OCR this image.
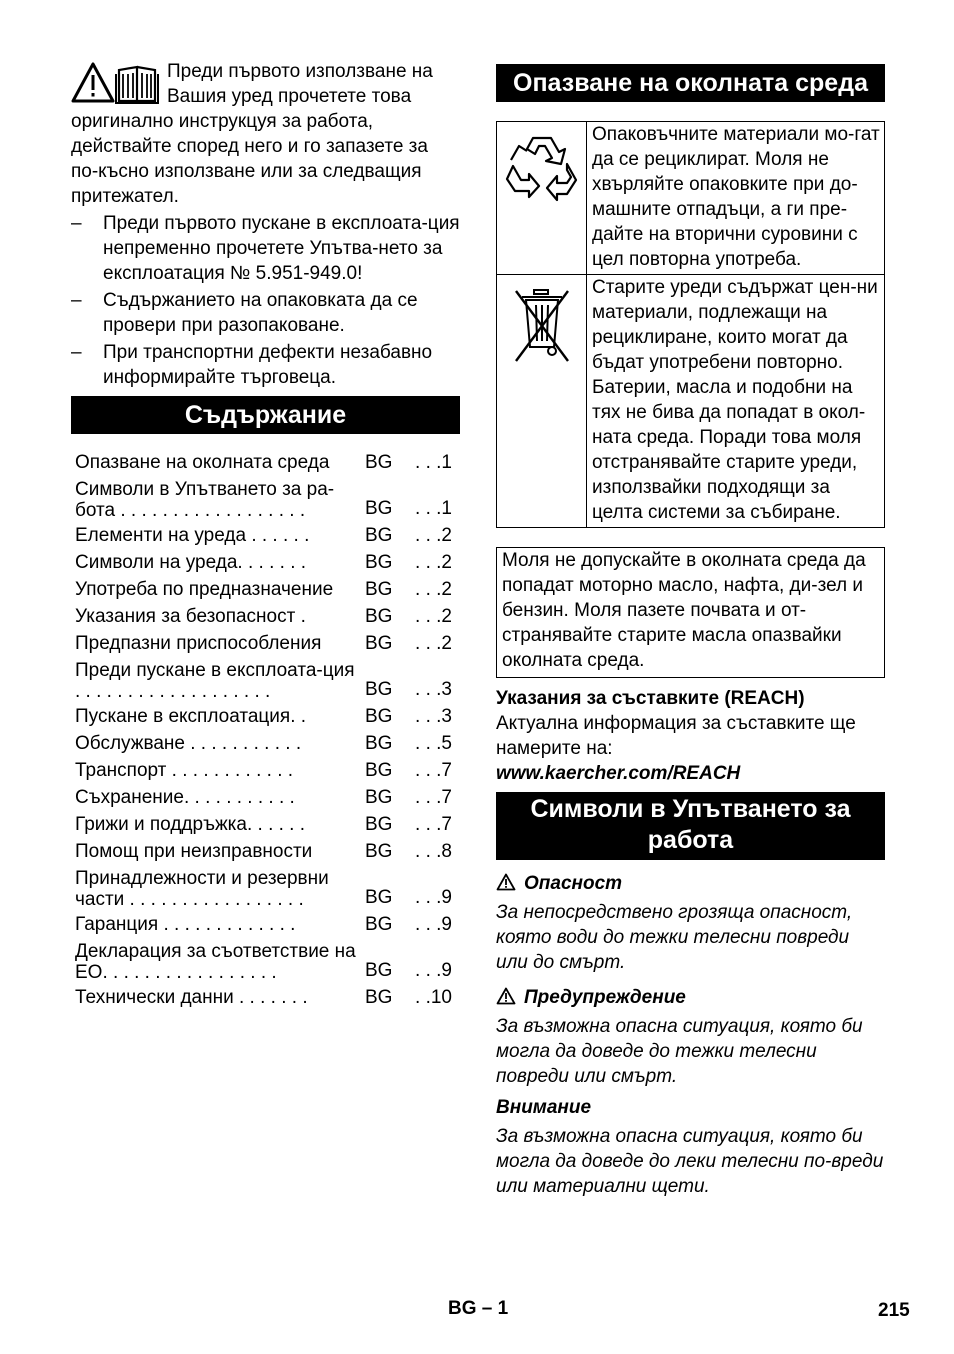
Преди първото използване на Вашия уред прочетете това оригинално инструкцуя за работа, действайте според него и го запазете за по-късно използване или за следващия притежател.

– Преди първото пускане в експлоата-ция непременно прочетете Упътва-нето за експлоатация № 5.951-949.0!
– Съдържанието на опаковката да се провери при разопаковане.
– При транспортни дефекти незабавно информирайте търговеца.
Съдържание
Опазване на околната среда	BG . . .1
Символи в Упътването за ра-бота . . . . . . . . . . . . . . . . . .	BG . . .1
Елементи на уреда . . . . . .	BG . . .2
Символи на уреда. . . . . . .	BG . . .2
Употреба по предназначение	BG . . .2
Указания за безопасност .	BG . . .2
Предпазни приспособления	BG . . .2
Преди пускане в експлоата-ция . . . . . . . . . . . . . . . . . . .	BG . . .3
Пускане в експлоатация. .	BG . . .3
Обслужване . . . . . . . . . . .	BG . . .5
Транспорт . . . . . . . . . . . .	BG . . .7
Съхранение. . . . . . . . . . .	BG . . .7
Грижи и поддръжка. . . . . .	BG . . .7
Помощ при неизправности	BG . . .8
Принадлежности и резервни части . . . . . . . . . . . . . . . . .	BG . . .9
Гаранция . . . . . . . . . . . . .	BG . . .9
Декларация за съответствие на ЕО. . . . . . . . . . . . . . . . .	BG . . .9
Технически данни . . . . . . .	BG . .10
Опазване на околната среда
Опаковъчните материали мо-гат да се рециклират. Моля не хвърляйте опаковките при до-машните отпадъци, а ги пре-дайте на вторични суровини с цел повторна употреба.
Старите уреди съдържат цен-ни материали, подлежащи на рециклиране, които могат да бъдат употребени повторно. Батерии, масла и подобни на тях не бива да попадат в окол-ната среда. Поради това моля отстранявайте старите уреди, използвайки подходящи за целта системи за събиране.
Моля не допускайте в околната среда да попадат моторно масло, нафта, ди-зел и бензин. Моля пазете почвата и от-странявайте старите масла опазвайки околната среда.
Указания за съставките (REACH)
Актуална информация за съставките ще намерите на:
www.kaercher.com/REACH
Символи в Упътването за работа
Опасност
За непосредствено грозяща опасност, която води до тежки телесни повреди или до смърт.
Предупреждение
За възможна опасна ситуация, която би могла да доведе до тежки телесни повреди или смърт.
Внимание
За възможна опасна ситуация, която би могла да доведе до леки телесни по-вреди или материални щети.
BG – 1	215
